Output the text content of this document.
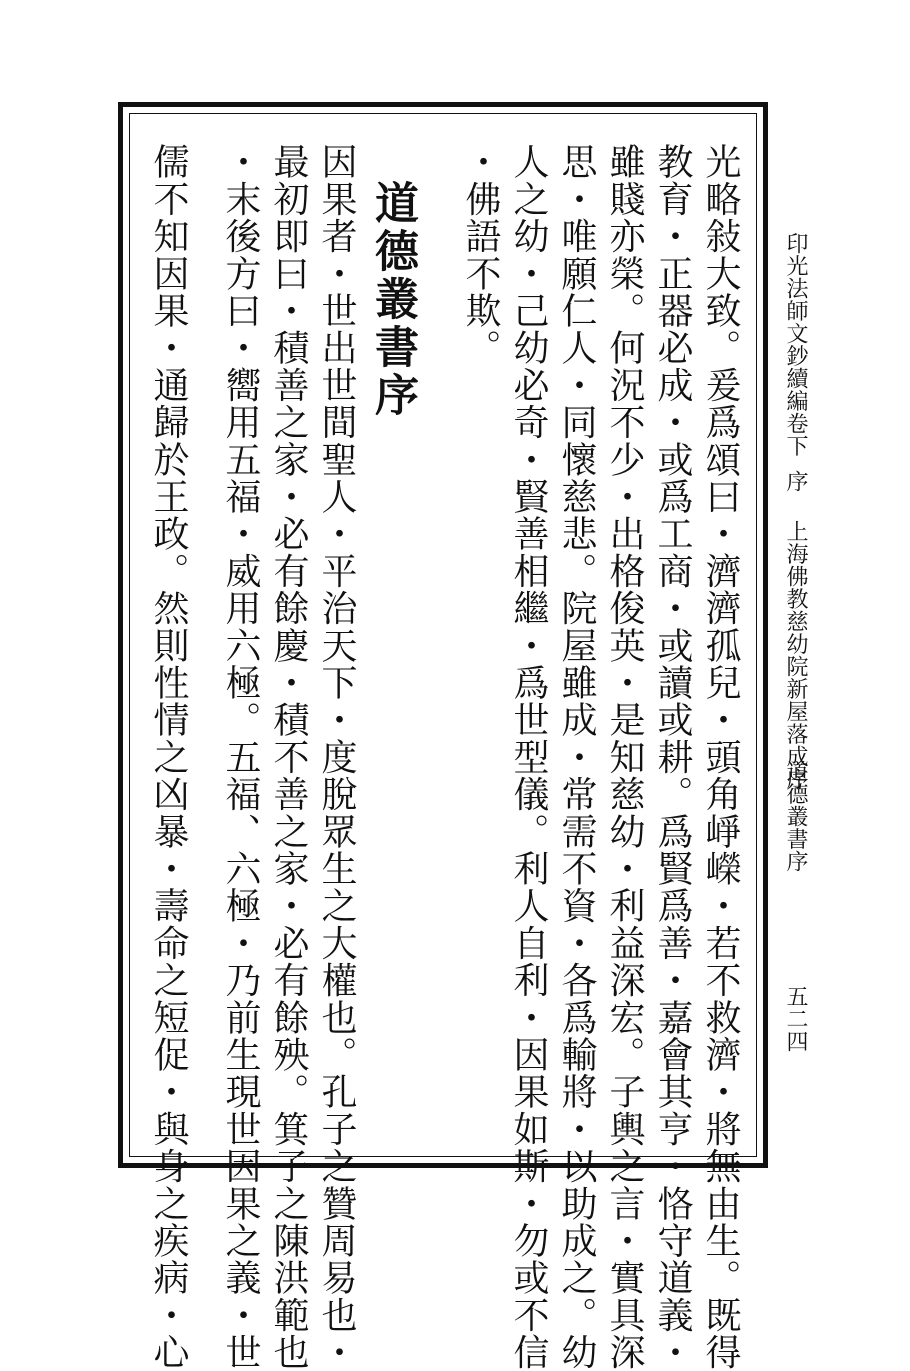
印光法師文鈔續編卷下
序
上海佛教慈幼院新屋落成序
道德叢書序
五二四
光略敍大致。爰爲頌曰・濟濟孤兒・頭角崢嶸・若不救濟・將無由生。既得
教育・正器必成・或爲工商・或讀或耕。爲賢爲善・嘉會其亨・恪守道義・
雖賤亦榮。何況不少・出格俊英・是知慈幼・利益深宏。子輿之言・實具深
思・唯願仁人・同懷慈悲。院屋雖成・常需不資・各爲輸將・以助成之。幼
人之幼・己幼必奇・賢善相繼・爲世型儀。利人自利・因果如斯・勿或不信
・佛語不欺。
道德叢書序
因果者・世出世間聖人・平治天下・度脫眾生之大權也。孔子之贊周易也・
最初即曰・積善之家・必有餘慶・積不善之家・必有餘殃。箕子之陳洪範也
・末後方曰・嚮用五福・威用六極。五福、六極・乃前生現世因果之義・世
儒不知因果・通歸於王政。然則性情之凶暴・壽命之短促・與身之疾病・心
